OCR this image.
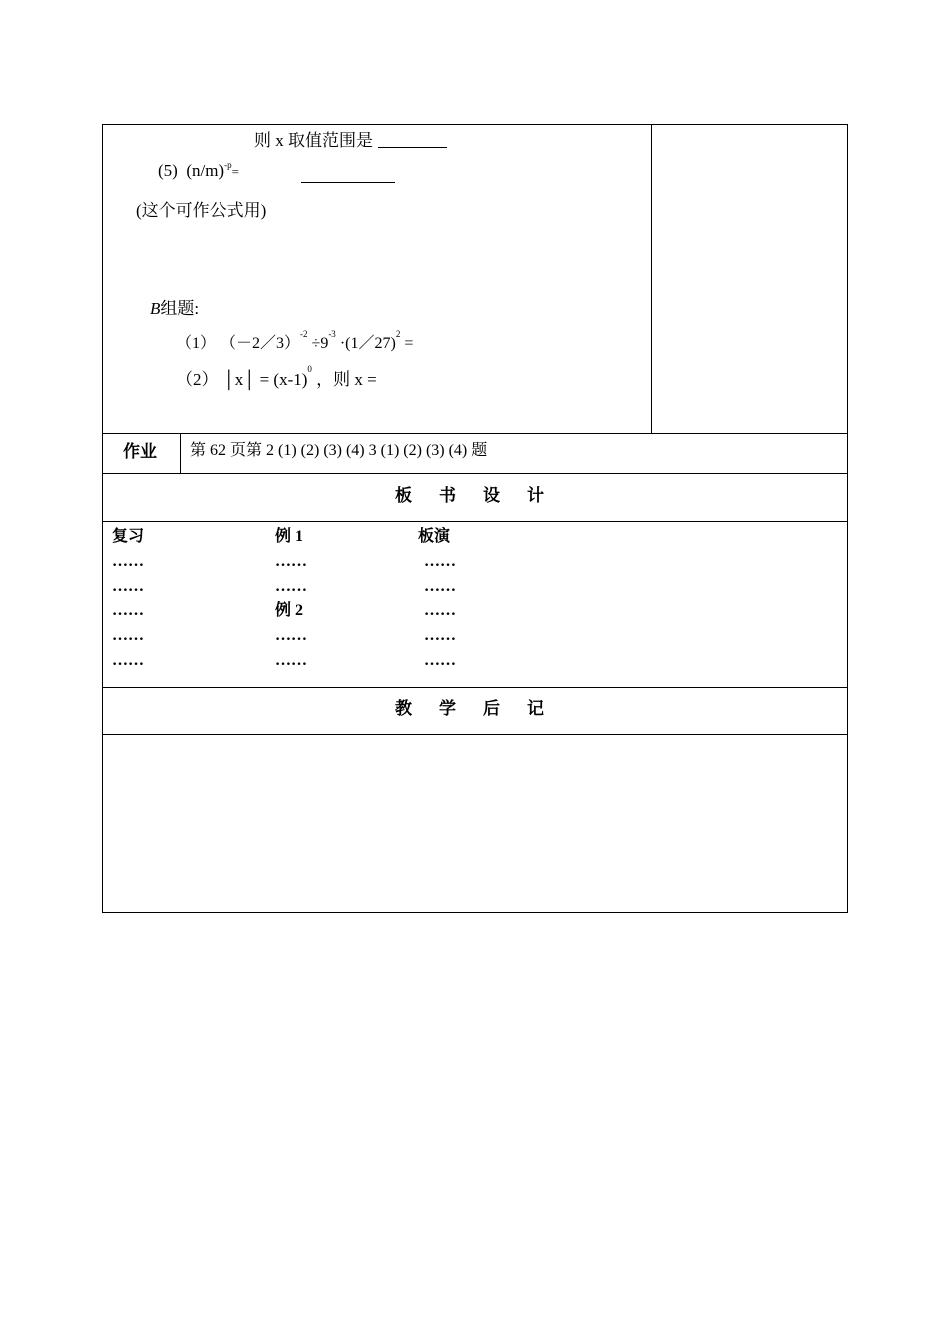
则 x 取值范围是
(5) $(n/m)^{-p}=$
(这个可作公式用)
B组题:
（1） （－2／3）$^{-2}$ $\div 9^{-3}$ ·(1／27)$^2$ =
（2） │x│ = $(x-1)^0$ ，则 x =
作业 第 62 页第 2 (1) (2) (3) (4) 3 (1) (2) (3) (4) 题
板书设计
复习
……
……
……
……
……
例 1
……
……
例 2
……
……
板演
……
……
……
……
……
教学后记
